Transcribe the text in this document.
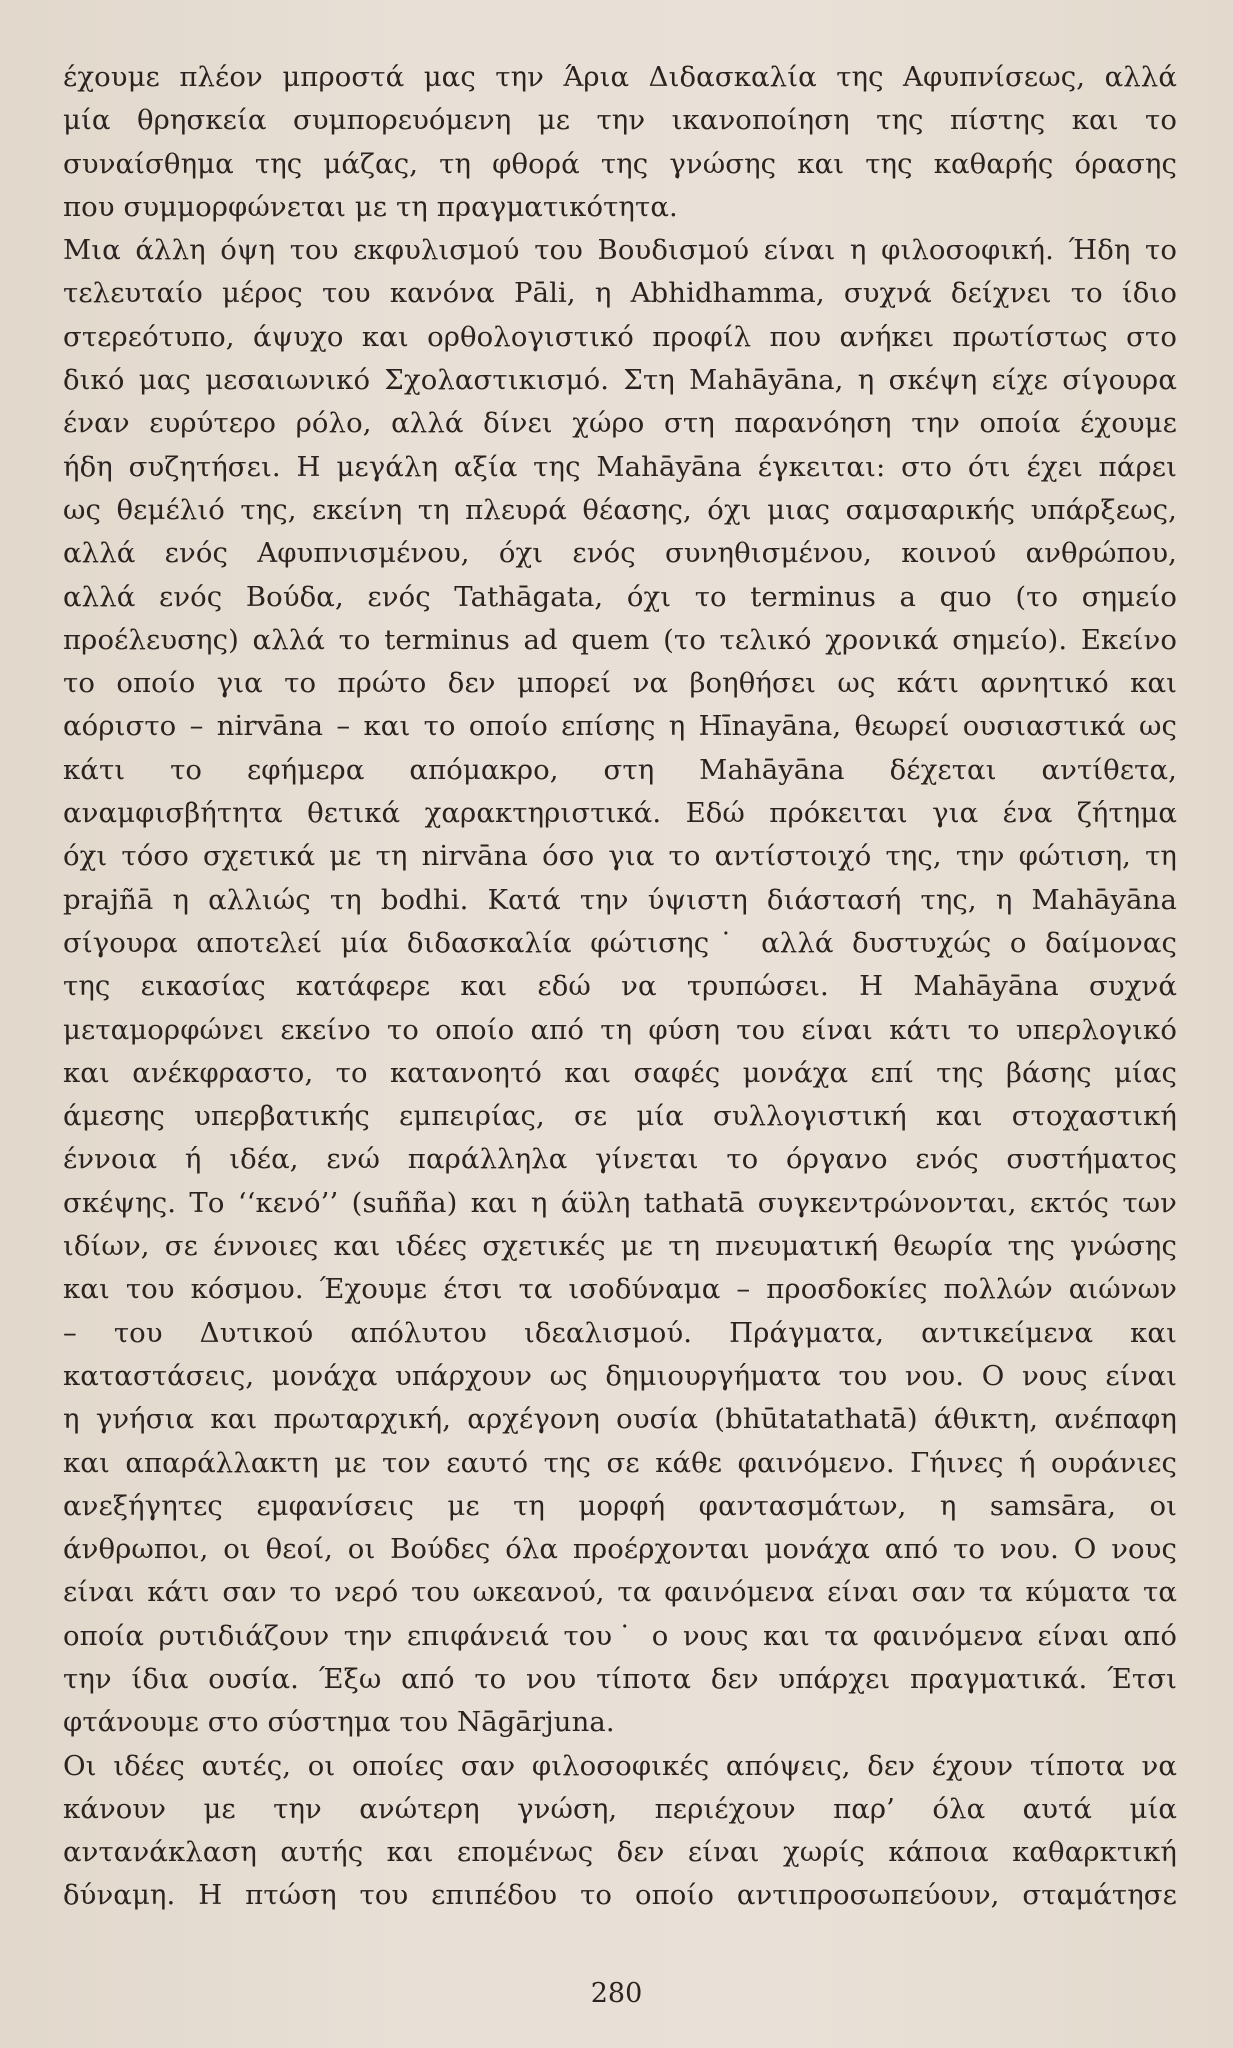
έχουμε πλέον μπροστά μας την Άρια Διδασκαλία της Αφυπνίσεως, αλλά
μία θρησκεία συμπορευόμενη με την ικανοποίηση της πίστης και το
συναίσθημα της μάζας, τη φθορά της γνώσης και της καθαρής όρασης
που συμμορφώνεται με τη πραγματικότητα.
Μια άλλη όψη του εκφυλισμού του Βουδισμού είναι η φιλοσοφική. Ήδη το
τελευταίο μέρος του κανόνα Pāli, η Abhidhamma, συχνά δείχνει το ίδιο
στερεότυπο, άψυχο και ορθολογιστικό προφίλ που ανήκει πρωτίστως στο
δικό μας μεσαιωνικό Σχολαστικισμό. Στη Mahāyāna, η σκέψη είχε σίγουρα
έναν ευρύτερο ρόλο, αλλά δίνει χώρο στη παρανόηση την οποία έχουμε
ήδη συζητήσει. Η μεγάλη αξία της Mahāyāna έγκειται: στο ότι έχει πάρει
ως θεμέλιό της, εκείνη τη πλευρά θέασης, όχι μιας σαμσαρικής υπάρξεως,
αλλά ενός Αφυπνισμένου, όχι ενός συνηθισμένου, κοινού ανθρώπου,
αλλά ενός Βούδα, ενός Tathāgata, όχι το terminus a quo (το σημείο
προέλευσης) αλλά το terminus ad quem (το τελικό χρονικά σημείο). Εκείνο
το οποίο για το πρώτο δεν μπορεί να βοηθήσει ως κάτι αρνητικό και
αόριστο – nirvāna – και το οποίο επίσης η Hīnayāna, θεωρεί ουσιαστικά ως
κάτι το εφήμερα απόμακρο, στη Mahāyāna δέχεται αντίθετα,
αναμφισβήτητα θετικά χαρακτηριστικά. Εδώ πρόκειται για ένα ζήτημα
όχι τόσο σχετικά με τη nirvāna όσο για το αντίστοιχό της, την φώτιση, τη
prajñā η αλλιώς τη bodhi. Κατά την ύψιστη διάστασή της, η Mahāyāna
σίγουρα αποτελεί μία διδασκαλία φώτισης˙ αλλά δυστυχώς ο δαίμονας
της εικασίας κατάφερε και εδώ να τρυπώσει. Η Mahāyāna συχνά
μεταμορφώνει εκείνο το οποίο από τη φύση του είναι κάτι το υπερλογικό
και ανέκφραστο, το κατανοητό και σαφές μονάχα επί της βάσης μίας
άμεσης υπερβατικής εμπειρίας, σε μία συλλογιστική και στοχαστική
έννοια ή ιδέα, ενώ παράλληλα γίνεται το όργανο ενός συστήματος
σκέψης. Το ‘‘κενό’’ (suñña) και η άϋλη tathatā συγκεντρώνονται, εκτός των
ιδίων, σε έννοιες και ιδέες σχετικές με τη πνευματική θεωρία της γνώσης
και του κόσμου. Έχουμε έτσι τα ισοδύναμα – προσδοκίες πολλών αιώνων
– του Δυτικού απόλυτου ιδεαλισμού. Πράγματα, αντικείμενα και
καταστάσεις, μονάχα υπάρχουν ως δημιουργήματα του νου. Ο νους είναι
η γνήσια και πρωταρχική, αρχέγονη ουσία (bhūtatathatā) άθικτη, ανέπαφη
και απαράλλακτη με τον εαυτό της σε κάθε φαινόμενο. Γήινες ή ουράνιες
ανεξήγητες εμφανίσεις με τη μορφή φαντασμάτων, η samsāra, οι
άνθρωποι, οι θεοί, οι Βούδες όλα προέρχονται μονάχα από το νου. Ο νους
είναι κάτι σαν το νερό του ωκεανού, τα φαινόμενα είναι σαν τα κύματα τα
οποία ρυτιδιάζουν την επιφάνειά του˙ ο νους και τα φαινόμενα είναι από
την ίδια ουσία. Έξω από το νου τίποτα δεν υπάρχει πραγματικά. Έτσι
φτάνουμε στο σύστημα του Nāgārjuna.
Οι ιδέες αυτές, οι οποίες σαν φιλοσοφικές απόψεις, δεν έχουν τίποτα να
κάνουν με την ανώτερη γνώση, περιέχουν παρ’ όλα αυτά μία
αντανάκλαση αυτής και επομένως δεν είναι χωρίς κάποια καθαρκτική
δύναμη. Η πτώση του επιπέδου το οποίο αντιπροσωπεύουν, σταμάτησε
280
